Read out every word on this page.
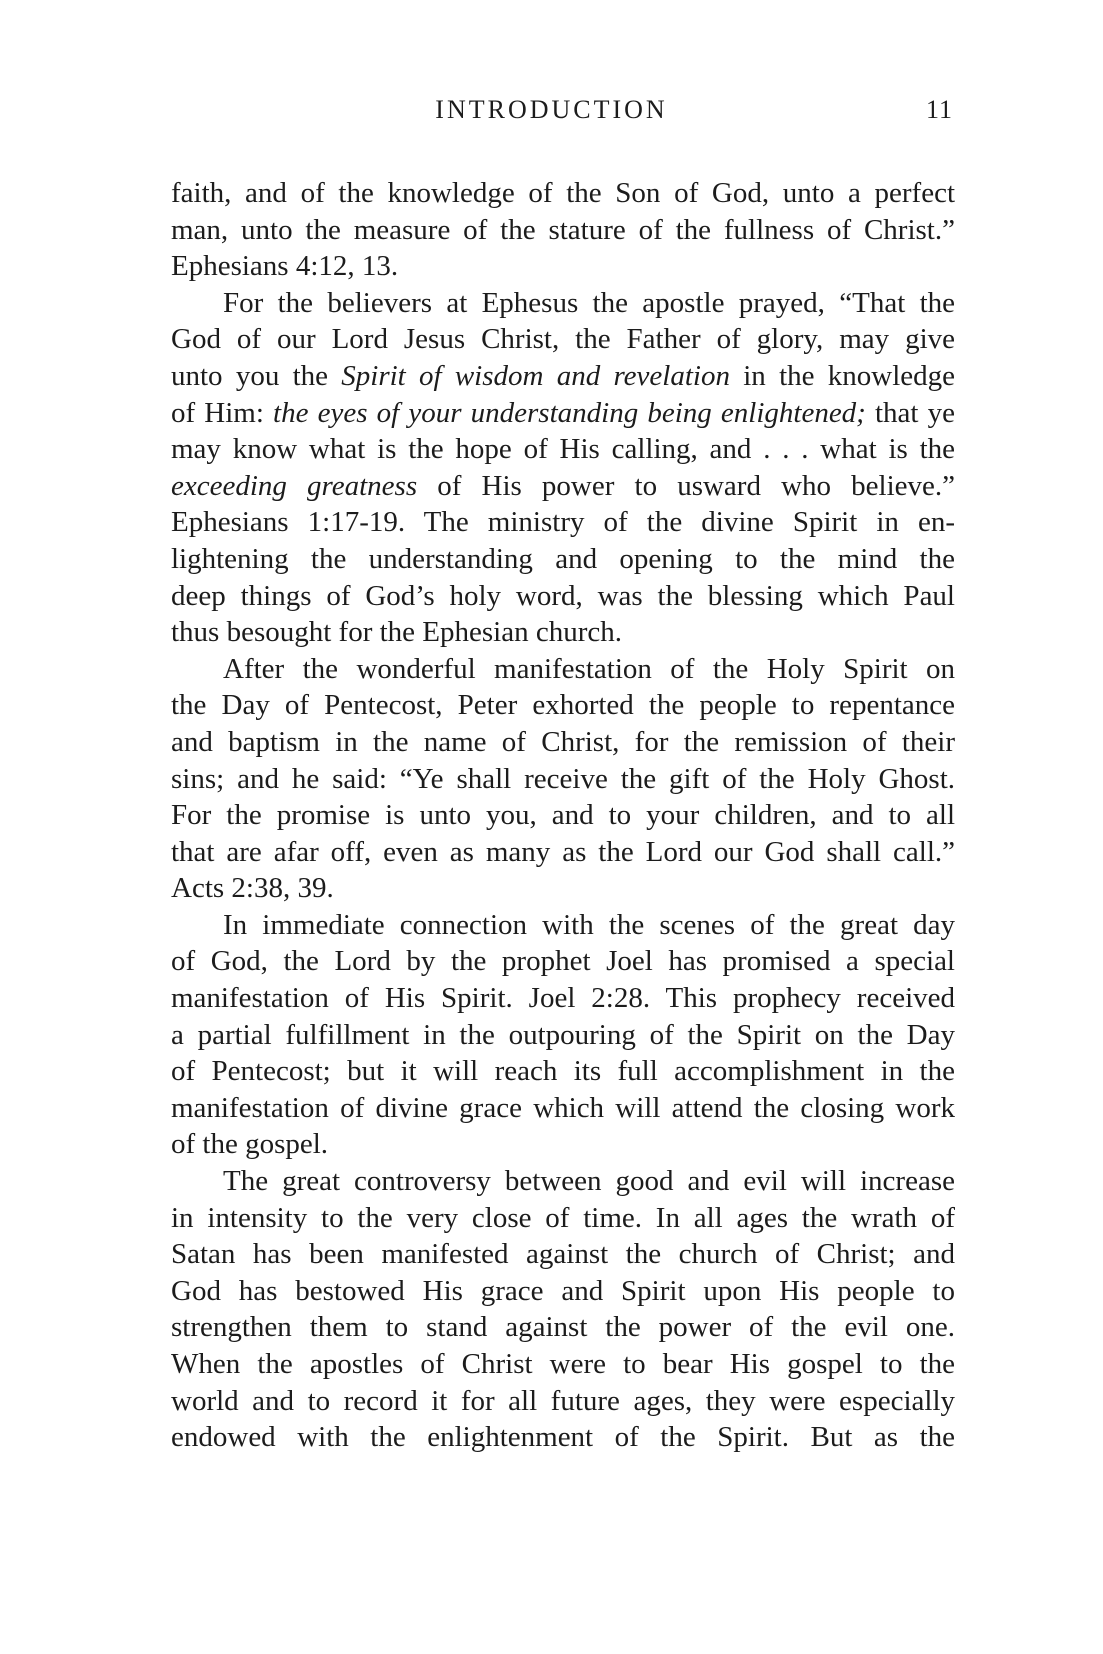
INTRODUCTION	11
faith, and of the knowledge of the Son of God, unto a perfect
man, unto the measure of the stature of the fullness of Christ.”
Ephesians 4:12, 13.
For the believers at Ephesus the apostle prayed, “That the
God of our Lord Jesus Christ, the Father of glory, may give
unto you the Spirit of wisdom and revelation in the knowledge
of Him: the eyes of your understanding being enlightened; that ye
may know what is the hope of His calling, and . . . what is the
exceeding greatness of His power to usward who believe.”
Ephesians 1:17-19. The ministry of the divine Spirit in en-
lightening the understanding and opening to the mind the
deep things of God’s holy word, was the blessing which Paul
thus besought for the Ephesian church.
After the wonderful manifestation of the Holy Spirit on
the Day of Pentecost, Peter exhorted the people to repentance
and baptism in the name of Christ, for the remission of their
sins; and he said: “Ye shall receive the gift of the Holy Ghost.
For the promise is unto you, and to your children, and to all
that are afar off, even as many as the Lord our God shall call.”
Acts 2:38, 39.
In immediate connection with the scenes of the great day
of God, the Lord by the prophet Joel has promised a special
manifestation of His Spirit. Joel 2:28. This prophecy received
a partial fulfillment in the outpouring of the Spirit on the Day
of Pentecost; but it will reach its full accomplishment in the
manifestation of divine grace which will attend the closing work
of the gospel.
The great controversy between good and evil will increase
in intensity to the very close of time. In all ages the wrath of
Satan has been manifested against the church of Christ; and
God has bestowed His grace and Spirit upon His people to
strengthen them to stand against the power of the evil one.
When the apostles of Christ were to bear His gospel to the
world and to record it for all future ages, they were especially
endowed with the enlightenment of the Spirit. But as the
